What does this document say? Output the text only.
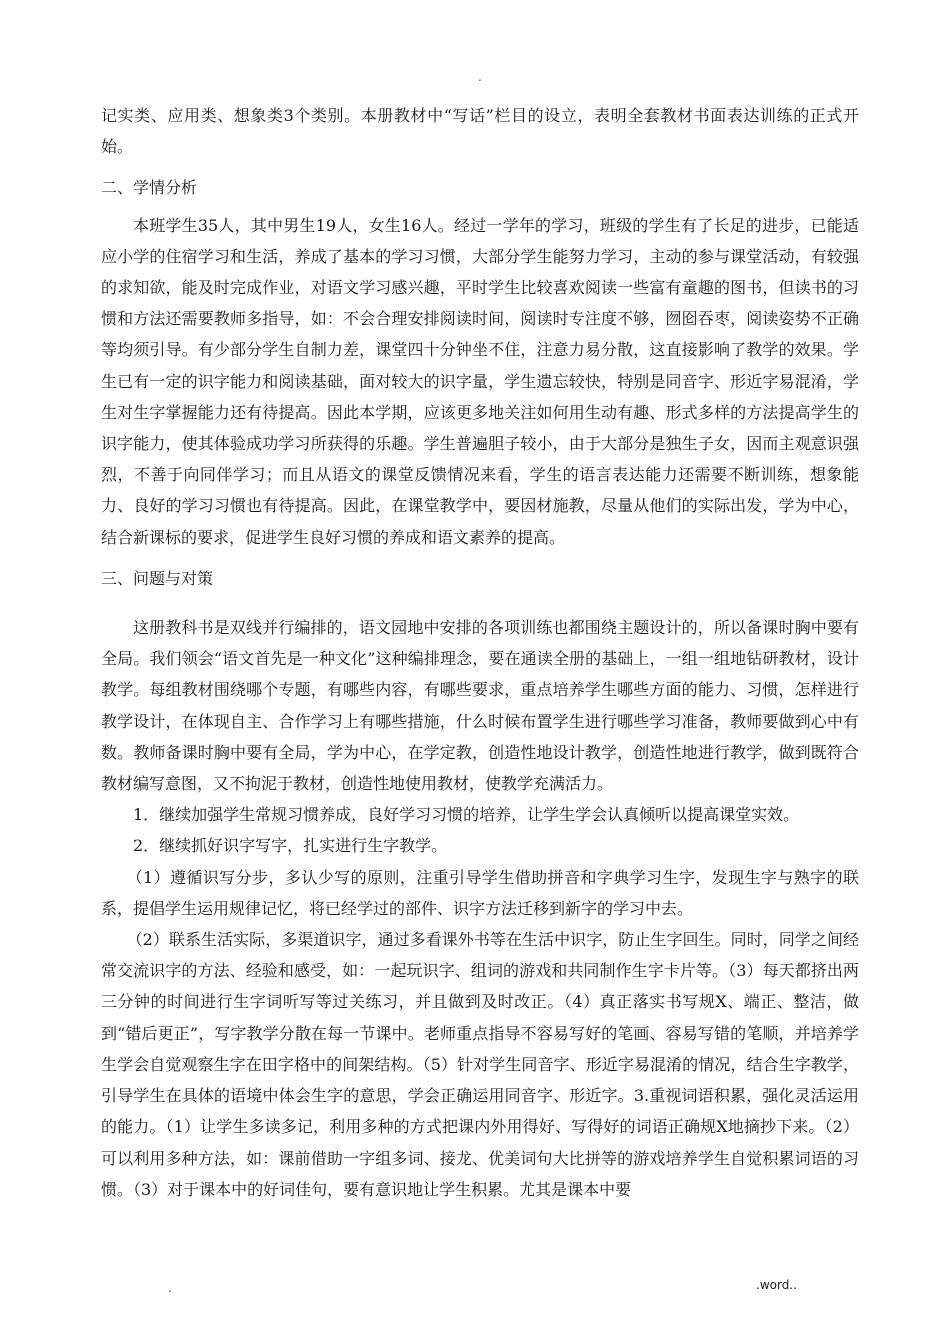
.

记实类、应用类、想象类3个类别。本册教材中“写话”栏目的设立，表明全套教材书面表达训练的正式开始。

二、学情分析

本班学生35人，其中男生19人，女生16人。经过一学年的学习，班级的学生有了长足的进步，已能适应小学的住宿学习和生活，养成了基本的学习习惯，大部分学生能努力学习，主动的参与课堂活动，有较强的求知欲，能及时完成作业，对语文学习感兴趣，平时学生比较喜欢阅读一些富有童趣的图书，但读书的习惯和方法还需要教师多指导，如：不会合理安排阅读时间，阅读时专注度不够，囫囵吞枣，阅读姿势不正确等均须引导。有少部分学生自制力差，课堂四十分钟坐不住，注意力易分散，这直接影响了教学的效果。学生已有一定的识字能力和阅读基础，面对较大的识字量，学生遗忘较快，特别是同音字、形近字易混淆，学生对生字掌握能力还有待提高。因此本学期，应该更多地关注如何用生动有趣、形式多样的方法提高学生的识字能力，使其体验成功学习所获得的乐趣。学生普遍胆子较小，由于大部分是独生子女，因而主观意识强烈，不善于向同伴学习；而且从语文的课堂反馈情况来看，学生的语言表达能力还需要不断训练，想象能力、良好的学习习惯也有待提高。因此，在课堂教学中，要因材施教，尽量从他们的实际出发，学为中心，结合新课标的要求，促进学生良好习惯的养成和语文素养的提高。

三、问题与对策

这册教科书是双线并行编排的，语文园地中安排的各项训练也都围绕主题设计的，所以备课时胸中要有全局。我们领会“语文首先是一种文化”这种编排理念，要在通读全册的基础上，一组一组地钻研教材，设计教学。每组教材围绕哪个专题，有哪些内容，有哪些要求，重点培养学生哪些方面的能力、习惯，怎样进行教学设计，在体现自主、合作学习上有哪些措施，什么时候布置学生进行哪些学习准备，教师要做到心中有数。教师备课时胸中要有全局，学为中心，在学定教，创造性地设计教学，创造性地进行教学，做到既符合教材编写意图，又不拘泥于教材，创造性地使用教材，使教学充满活力。

1．继续加强学生常规习惯养成，良好学习习惯的培养，让学生学会认真倾听以提高课堂实效。

2．继续抓好识字写字，扎实进行生字教学。

（1）遵循识写分步，多认少写的原则，注重引导学生借助拼音和字典学习生字，发现生字与熟字的联系，提倡学生运用规律记忆，将已经学过的部件、识字方法迁移到新字的学习中去。

（2）联系生活实际，多渠道识字，通过多看课外书等在生活中识字，防止生字回生。同时，同学之间经常交流识字的方法、经验和感受，如：一起玩识字、组词的游戏和共同制作生字卡片等。（3）每天都挤出两三分钟的时间进行生字词听写等过关练习，并且做到及时改正。（4）真正落实书写规X、端正、整洁，做到“错后更正”，写字教学分散在每一节课中。老师重点指导不容易写好的笔画、容易写错的笔顺，并培养学生学会自觉观察生字在田字格中的间架结构。（5）针对学生同音字、形近字易混淆的情况，结合生字教学，引导学生在具体的语境中体会生字的意思，学会正确运用同音字、形近字。3.重视词语积累，强化灵活运用的能力。（1）让学生多读多记，利用多种的方式把课内外用得好、写得好的词语正确规X地摘抄下来。（2）可以利用多种方法，如：课前借助一字组多词、接龙、优美词句大比拼等的游戏培养学生自觉积累词语的习惯。（3）对于课本中的好词佳句，要有意识地让学生积累。尤其是课本中要

.	.word..
